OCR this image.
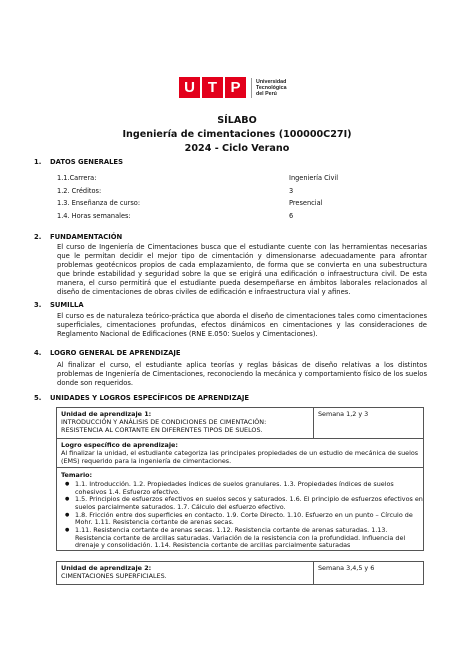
U T P	Universidad
Tecnológica
del Perú
SÍLABO
Ingeniería de cimentaciones (100000C27I)
2024 - Ciclo Verano
1. DATOS GENERALES
1.1.Carrera:	Ingeniería Civil
1.2. Créditos:	3
1.3. Enseñanza de curso:	Presencial
1.4. Horas semanales:	6
2. FUNDAMENTACIÓN
El curso de Ingeniería de Cimentaciones busca que el estudiante cuente con las herramientas necesarias que le permitan decidir el mejor tipo de cimentación y dimensionarse adecuadamente para afrontar problemas geotécnicos propios de cada emplazamiento, de forma que se convierta en una subestructura que brinde estabilidad y seguridad sobre la que se erigirá una edificación o infraestructura civil. De esta manera, el curso permitirá que el estudiante pueda desempeñarse en ámbitos laborales relacionados al diseño de cimentaciones de obras civiles de edificación e infraestructura vial y afines.
3. SUMILLA
El curso es de naturaleza teórico-práctica que aborda el diseño de cimentaciones tales como cimentaciones superficiales, cimentaciones profundas, efectos dinámicos en cimentaciones y las consideraciones de Reglamento Nacional de Edificaciones (RNE E.050: Suelos y Cimentaciones).
4. LOGRO GENERAL DE APRENDIZAJE
Al finalizar el curso, el estudiante aplica teorías y reglas básicas de diseño relativas a los distintos problemas de Ingeniería de Cimentaciones, reconociendo la mecánica y comportamiento físico de los suelos donde son requeridos.
5. UNIDADES Y LOGROS ESPECÍFICOS DE APRENDIZAJE
Unidad de aprendizaje 1:
INTRODUCCIÓN Y ANÁLISIS DE CONDICIONES DE CIMENTACIÓN: RESISTENCIA AL CORTANTE EN DIFERENTES TIPOS DE SUELOS.
Semana 1,2 y 3
Logro específico de aprendizaje:
Al finalizar la unidad, el estudiante categoriza las principales propiedades de un estudio de mecánica de suelos (EMS) requerido para la ingeniería de cimentaciones.
Temario:
● 1.1. Introducción. 1.2. Propiedades índices de suelos granulares. 1.3. Propiedades índices de suelos cohesivos 1.4. Esfuerzo efectivo.
● 1.5. Principios de esfuerzos efectivos en suelos secos y saturados. 1.6. El principio de esfuerzos efectivos en suelos parcialmente saturados. 1.7. Cálculo del esfuerzo efectivo.
● 1.8. Fricción entre dos superficies en contacto. 1.9. Corte Directo. 1.10. Esfuerzo en un punto – Círculo de Mohr. 1.11. Resistencia cortante de arenas secas.
● 1.11. Resistencia cortante de arenas secas. 1.12. Resistencia cortante de arenas saturadas. 1.13. Resistencia cortante de arcillas saturadas. Variación de la resistencia con la profundidad. Influencia del drenaje y consolidación. 1.14. Resistencia cortante de arcillas parcialmente saturadas
Unidad de aprendizaje 2:
CIMENTACIONES SUPERFICIALES.
Semana 3,4,5 y 6
